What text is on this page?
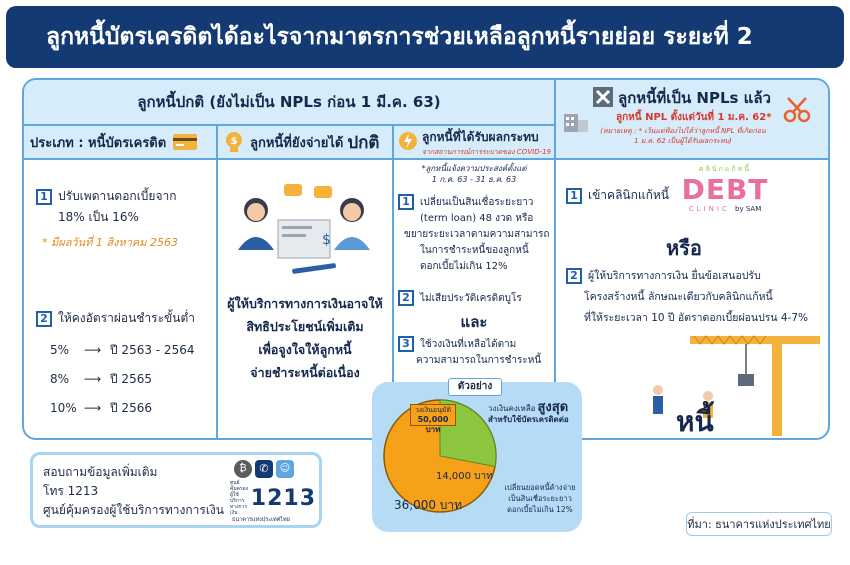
ลูกหนี้บัตรเครดิตได้อะไรจากมาตรการช่วยเหลือลูกหนี้รายย่อย ระยะที่ 2
ลูกหนี้ปกติ (ยังไม่เป็น NPLs ก่อน 1 มี.ค. 63)	ลูกหนี้ที่เป็น NPLs แล้ว
ลูกหนี้ NPL ตั้งแต่วันที่ 1 ม.ค. 62*
(หมายเหตุ : * เว้นแต่ฟ้องไปได้ว่าลูกหนี้ NPL ที่เกิดก่อน 1 ม.ค. 62 เป็นผู้ได้รับผลกระทบ)
ประเภท : หนี้บัตรเครดิต	$ ลูกหนี้ที่ยังจ่ายได้ ปกติ	ลูกหนี้ที่ได้รับผลกระทบ
จากสถานการณ์การระบาดของ COVID-19
1 ปรับเพดานดอกเบี้ยจาก
18% เป็น 16%
* มีผลวันที่ 1 สิงหาคม 2563
2 ให้คงอัตราผ่อนชำระขั้นต่ำ
5%	⟶ ปี 2563 - 2564
8%	⟶ ปี 2565
10% ⟶ ปี 2566
$
ผู้ให้บริการทางการเงินอาจให้
สิทธิประโยชน์เพิ่มเติม
เพื่อจูงใจให้ลูกหนี้
จ่ายชำระหนี้ต่อเนื่อง
*ลูกหนี้แจ้งความประสงค์ตั้งแต่
1 ก.ค. 63 - 31 ธ.ค. 63
1 เปลี่ยนเป็นสินเชื่อระยะยาว
(term loan) 48 งวด หรือ
ขยายระยะเวลาตามความสามารถ
ในการชำระหนี้ของลูกหนี้
ดอกเบี้ยไม่เกิน 12%
2 ไม่เสียประวัติเครดิตบูโร
และ
3 ใช้วงเงินที่เหลือได้ตาม
ความสามารถในการชำระหนี้
1 เข้าคลินิกแก้หนี้
คลินิกแก้หนี้
DEBT
CLINIC by SAM
หรือ
2 ผู้ให้บริการทางการเงิน ยื่นข้อเสนอปรับ
โครงสร้างหนี้ ลักษณะเดียวกับคลินิกแก้หนี้
ที่ให้ระยะเวลา 10 ปี อัตราดอกเบี้ยผ่อนปรน 4-7%
หนี้
ตัวอย่าง
วงเงินอนุมัติ
50,000 บาท
14,000 บาท
36,000 บาท
วงเงินคงเหลือ สูงสุด
สำหรับใช้บัตรเครดิตต่อ
เปลี่ยนยอดหนี้ค้างจ่าย
เป็นสินเชื่อระยะยาว
ดอกเบี้ยไม่เกิน 12%
สอบถามข้อมูลเพิ่มเติม
โทร 1213
ศูนย์คุ้มครองผู้ใช้บริการทางการเงิน
₿	✆	☺
ศูนย์คุ้มครองผู้ใช้บริการทางการเงิน
1213
ธนาคารแห่งประเทศไทย	ที่มา: ธนาคารแห่งประเทศไทย
